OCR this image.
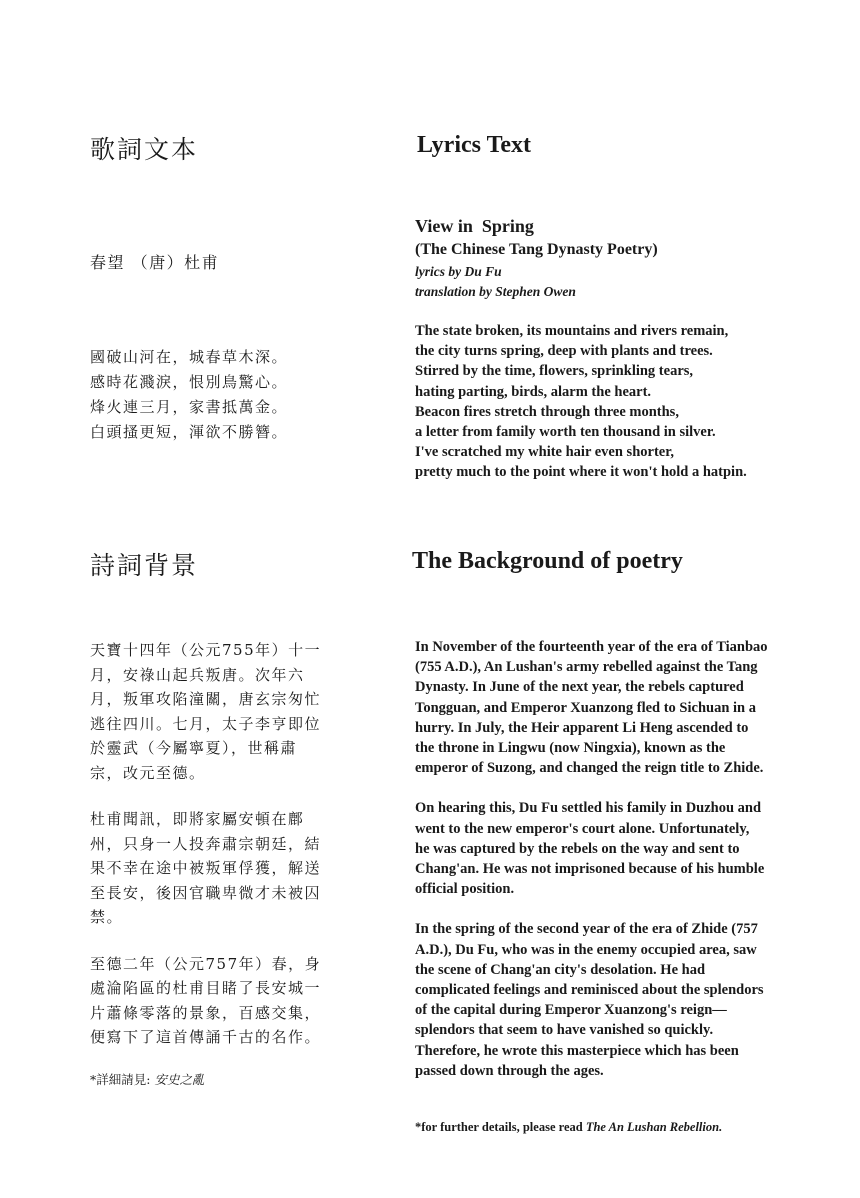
歌詞文本	Lyrics Text
春望 （唐）杜甫
View in  Spring
(The Chinese Tang Dynasty Poetry)
lyrics by Du Fu
translation by Stephen Owen
國破山河在，城春草木深。
感時花濺淚，恨別鳥驚心。
烽火連三月，家書抵萬金。
白頭搔更短，渾欲不勝簪。
The state broken, its mountains and rivers remain,
the city turns spring, deep with plants and trees.
Stirred by the time, flowers, sprinkling tears,
hating parting, birds, alarm the heart.
Beacon fires stretch through three months,
a letter from family worth ten thousand in silver.
I've scratched my white hair even shorter,
pretty much to the point where it won't hold a hatpin.
詩詞背景	The Background of poetry
天寶十四年（公元755年）十一
月，安祿山起兵叛唐。次年六
月，叛軍攻陷潼關，唐玄宗匆忙
逃往四川。七月，太子李亨即位
於靈武（今屬寧夏），世稱肅
宗，改元至德。
杜甫聞訊，即將家屬安頓在鄜
州，只身一人投奔肅宗朝廷，結
果不幸在途中被叛軍俘獲，解送
至長安，後因官職卑微才未被囚
禁。
至德二年（公元757年）春，身
處淪陷區的杜甫目睹了長安城一
片蕭條零落的景象，百感交集，
便寫下了這首傳誦千古的名作。
In November of the fourteenth year of the era of Tianbao
(755 A.D.), An Lushan's army rebelled against the Tang
Dynasty. In June of the next year, the rebels captured
Tongguan, and Emperor Xuanzong fled to Sichuan in a
hurry. In July, the Heir apparent Li Heng ascended to
the throne in Lingwu (now Ningxia), known as the
emperor of Suzong, and changed the reign title to Zhide.
On hearing this, Du Fu settled his family in Duzhou and
went to the new emperor's court alone. Unfortunately,
he was captured by the rebels on the way and sent to
Chang'an. He was not imprisoned because of his humble
official position.
In the spring of the second year of the era of Zhide (757
A.D.), Du Fu, who was in the enemy occupied area, saw
the scene of Chang'an city's desolation. He had
complicated feelings and reminisced about the splendors
of the capital during Emperor Xuanzong's reign—
splendors that seem to have vanished so quickly.
Therefore, he wrote this masterpiece which has been
passed down through the ages.
*詳細請見: 安史之亂
*for further details, please read The An Lushan Rebellion.
